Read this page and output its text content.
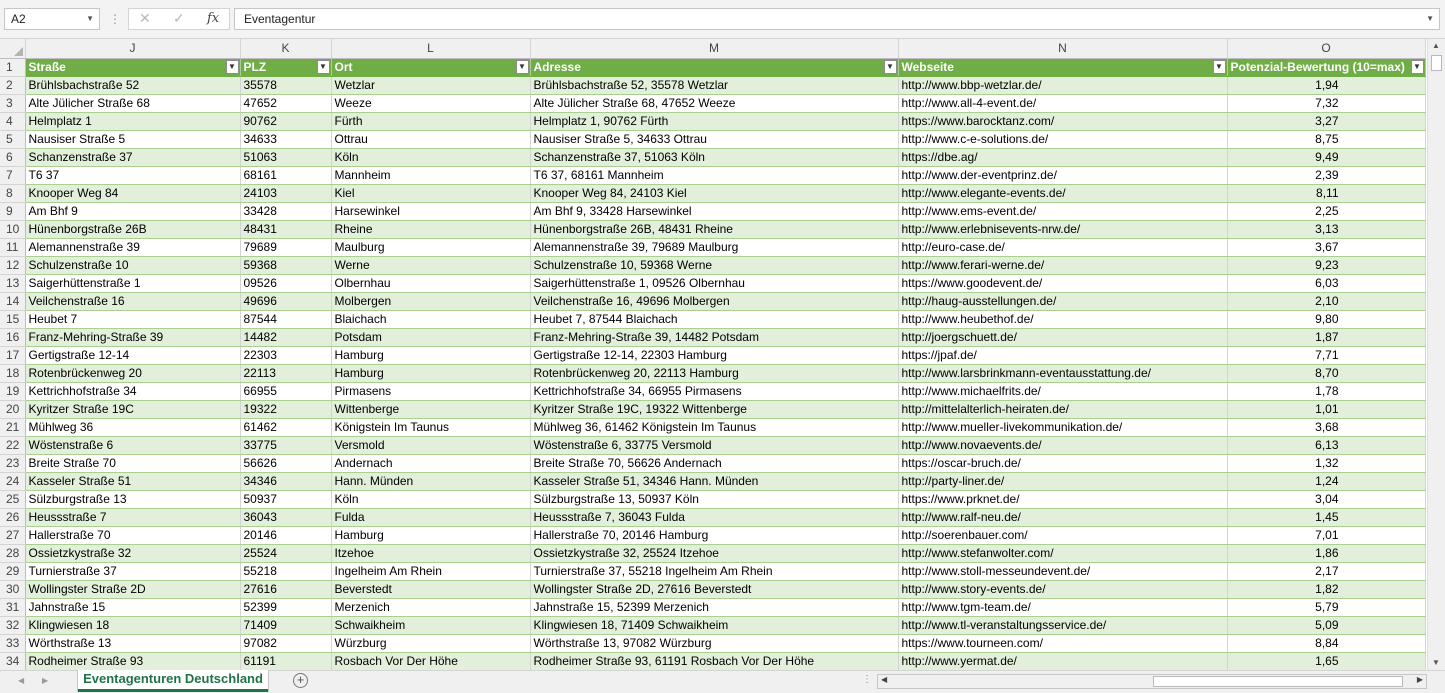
A2	▼ ⋮ ✕ ✓ fx	Eventagentur	▼
	J	K	L	M	N	O
1	Straße ▼	PLZ ▼	Ort ▼	Adresse ▼	Webseite ▼	Potenzial-Bewertung (10=max) ▼

2	Brühlsbachstraße 52	35578	Wetzlar	Brühlsbachstraße 52, 35578 Wetzlar	http://www.bbp-wetzlar.de/	1,94
3	Alte Jülicher Straße 68	47652	Weeze	Alte Jülicher Straße 68, 47652 Weeze	http://www.all-4-event.de/	7,32
4	Helmplatz 1	90762	Fürth	Helmplatz 1, 90762 Fürth	https://www.barocktanz.com/	3,27
5	Nausiser Straße 5	34633	Ottrau	Nausiser Straße 5, 34633 Ottrau	http://www.c-e-solutions.de/	8,75
6	Schanzenstraße 37	51063	Köln	Schanzenstraße 37, 51063 Köln	https://dbe.ag/	9,49
7	T6 37	68161	Mannheim	T6 37, 68161 Mannheim	http://www.der-eventprinz.de/	2,39
8	Knooper Weg 84	24103	Kiel	Knooper Weg 84, 24103 Kiel	http://www.elegante-events.de/	8,11
9	Am Bhf 9	33428	Harsewinkel	Am Bhf 9, 33428 Harsewinkel	http://www.ems-event.de/	2,25
10	Hünenborgstraße 26B	48431	Rheine	Hünenborgstraße 26B, 48431 Rheine	http://www.erlebnisevents-nrw.de/	3,13
11	Alemannenstraße 39	79689	Maulburg	Alemannenstraße 39, 79689 Maulburg	http://euro-case.de/	3,67
12	Schulzenstraße 10	59368	Werne	Schulzenstraße 10, 59368 Werne	http://www.ferari-werne.de/	9,23
13	Saigerhüttenstraße 1	09526	Olbernhau	Saigerhüttenstraße 1, 09526 Olbernhau	https://www.goodevent.de/	6,03
14	Veilchenstraße 16	49696	Molbergen	Veilchenstraße 16, 49696 Molbergen	http://haug-ausstellungen.de/	2,10
15	Heubet 7	87544	Blaichach	Heubet 7, 87544 Blaichach	http://www.heubethof.de/	9,80
16	Franz-Mehring-Straße 39	14482	Potsdam	Franz-Mehring-Straße 39, 14482 Potsdam	http://joergschuett.de/	1,87
17	Gertigstraße 12-14	22303	Hamburg	Gertigstraße 12-14, 22303 Hamburg	https://jpaf.de/	7,71
18	Rotenbrückenweg 20	22113	Hamburg	Rotenbrückenweg 20, 22113 Hamburg	http://www.larsbrinkmann-eventausstattung.de/	8,70
19	Kettrichhofstraße 34	66955	Pirmasens	Kettrichhofstraße 34, 66955 Pirmasens	http://www.michaelfrits.de/	1,78
20	Kyritzer Straße 19C	19322	Wittenberge	Kyritzer Straße 19C, 19322 Wittenberge	http://mittelalterlich-heiraten.de/	1,01
21	Mühlweg 36	61462	Königstein Im Taunus	Mühlweg 36, 61462 Königstein Im Taunus	http://www.mueller-livekommunikation.de/	3,68
22	Wöstenstraße 6	33775	Versmold	Wöstenstraße 6, 33775 Versmold	http://www.novaevents.de/	6,13
23	Breite Straße 70	56626	Andernach	Breite Straße 70, 56626 Andernach	https://oscar-bruch.de/	1,32
24	Kasseler Straße 51	34346	Hann. Münden	Kasseler Straße 51, 34346 Hann. Münden	http://party-liner.de/	1,24
25	Sülzburgstraße 13	50937	Köln	Sülzburgstraße 13, 50937 Köln	https://www.prknet.de/	3,04
26	Heussstraße 7	36043	Fulda	Heussstraße 7, 36043 Fulda	http://www.ralf-neu.de/	1,45
27	Hallerstraße 70	20146	Hamburg	Hallerstraße 70, 20146 Hamburg	http://soerenbauer.com/	7,01
28	Ossietzkystraße 32	25524	Itzehoe	Ossietzkystraße 32, 25524 Itzehoe	http://www.stefanwolter.com/	1,86
29	Turnierstraße 37	55218	Ingelheim Am Rhein	Turnierstraße 37, 55218 Ingelheim Am Rhein	http://www.stoll-messeundevent.de/	2,17
30	Wollingster Straße 2D	27616	Beverstedt	Wollingster Straße 2D, 27616 Beverstedt	http://www.story-events.de/	1,82
31	Jahnstraße 15	52399	Merzenich	Jahnstraße 15, 52399 Merzenich	http://www.tgm-team.de/	5,79
32	Klingwiesen 18	71409	Schwaikheim	Klingwiesen 18, 71409 Schwaikheim	http://www.tl-veranstaltungsservice.de/	5,09
33	Wörthstraße 13	97082	Würzburg	Wörthstraße 13, 97082 Würzburg	https://www.tourneen.com/	8,84
34	Rodheimer Straße 93	61191	Rosbach Vor Der Höhe	Rodheimer Straße 93, 61191 Rosbach Vor Der Höhe	http://www.yermat.de/	1,65
▲
▼
◀ ▶	Eventagenturen Deutschland	+	⋮ ◀	▶
